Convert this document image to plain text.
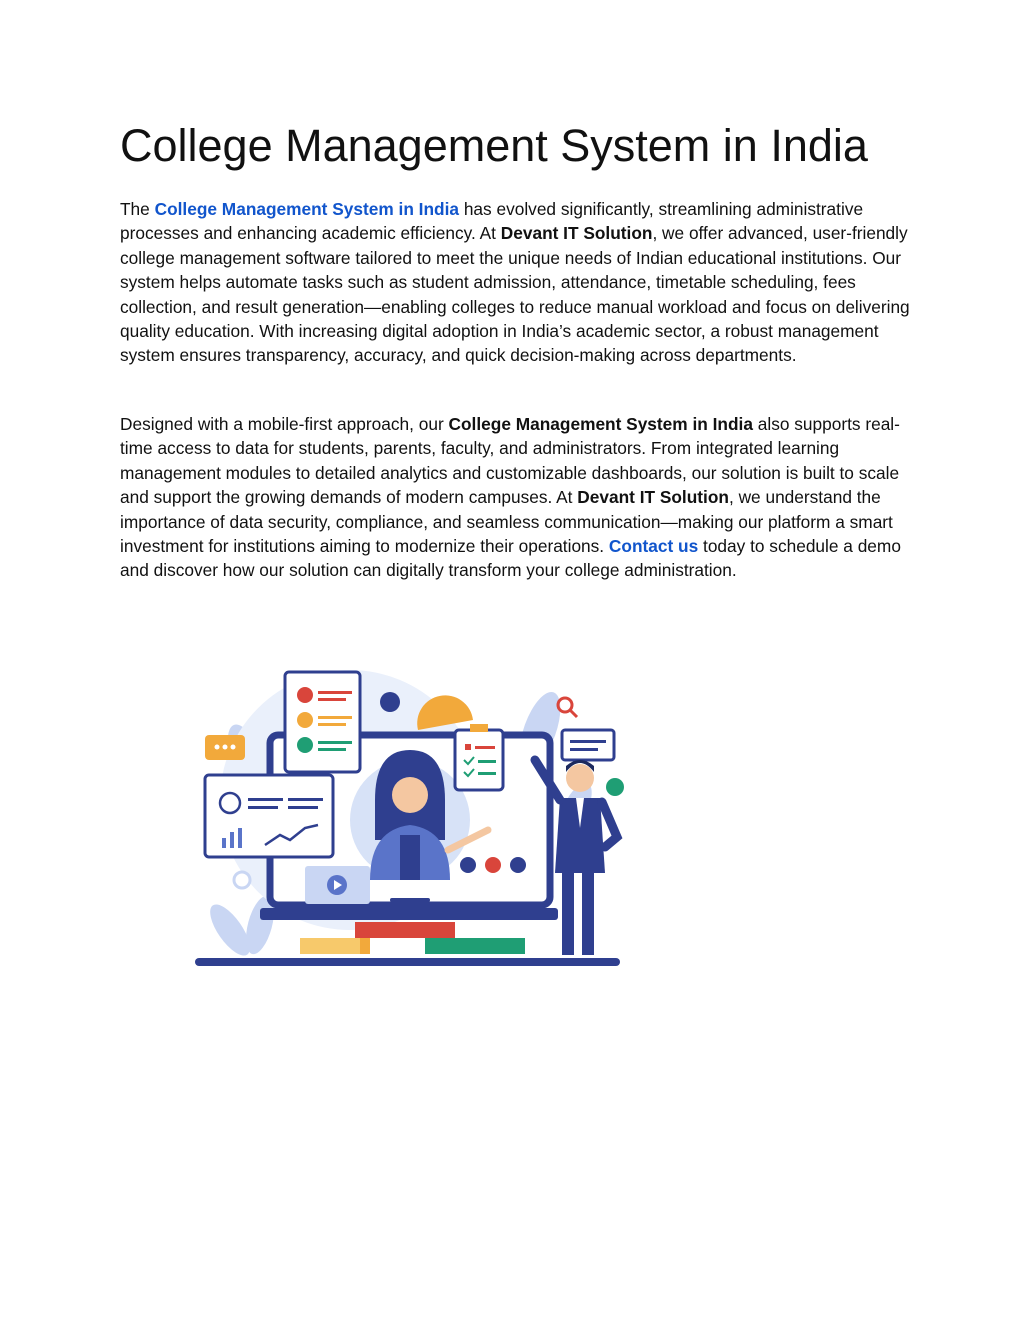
College Management System in India

The College Management System in India has evolved significantly, streamlining administrative processes and enhancing academic efficiency. At Devant IT Solution, we offer advanced, user-friendly college management software tailored to meet the unique needs of Indian educational institutions. Our system helps automate tasks such as student admission, attendance, timetable scheduling, fees collection, and result generation—enabling colleges to reduce manual workload and focus on delivering quality education. With increasing digital adoption in India’s academic sector, a robust management system ensures transparency, accuracy, and quick decision-making across departments.

Designed with a mobile-first approach, our College Management System in India also supports real-time access to data for students, parents, faculty, and administrators. From integrated learning management modules to detailed analytics and customizable dashboards, our solution is built to scale and support the growing demands of modern campuses. At Devant IT Solution, we understand the importance of data security, compliance, and seamless communication—making our platform a smart investment for institutions aiming to modernize their operations. Contact us today to schedule a demo and discover how our solution can digitally transform your college administration.
